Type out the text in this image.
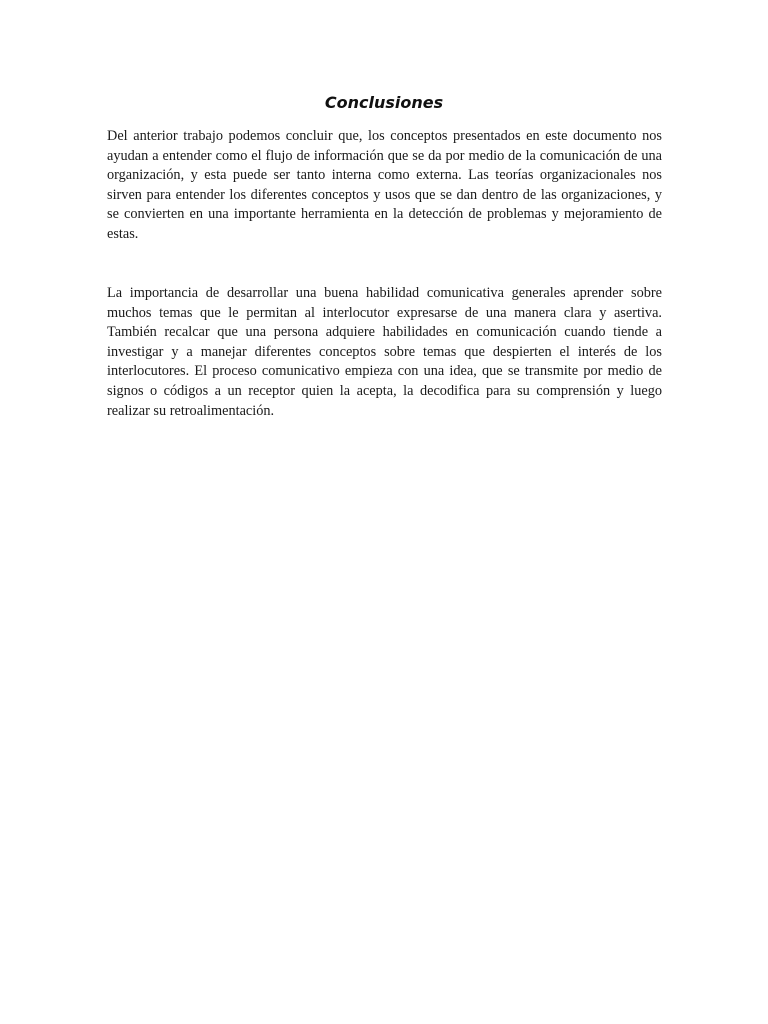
Conclusiones

Del anterior trabajo podemos concluir que, los conceptos presentados en este documento nos ayudan a entender como el flujo de información que se da por medio de la comunicación de una organización, y esta puede ser tanto interna como externa. Las teorías organizacionales nos sirven para entender los diferentes conceptos y usos que se dan dentro de las organizaciones, y se convierten en una importante herramienta en la detección de problemas y mejoramiento de estas.

La importancia de desarrollar una buena habilidad comunicativa generales aprender sobre muchos temas que le permitan al interlocutor expresarse de una manera clara y asertiva. También recalcar que una persona adquiere habilidades en comunicación cuando tiende a investigar y a manejar diferentes conceptos sobre temas que despierten el interés de los interlocutores. El proceso comunicativo empieza con una idea, que se transmite por medio de signos o códigos a un receptor quien la acepta, la decodifica para su comprensión y luego realizar su retroalimentación.
